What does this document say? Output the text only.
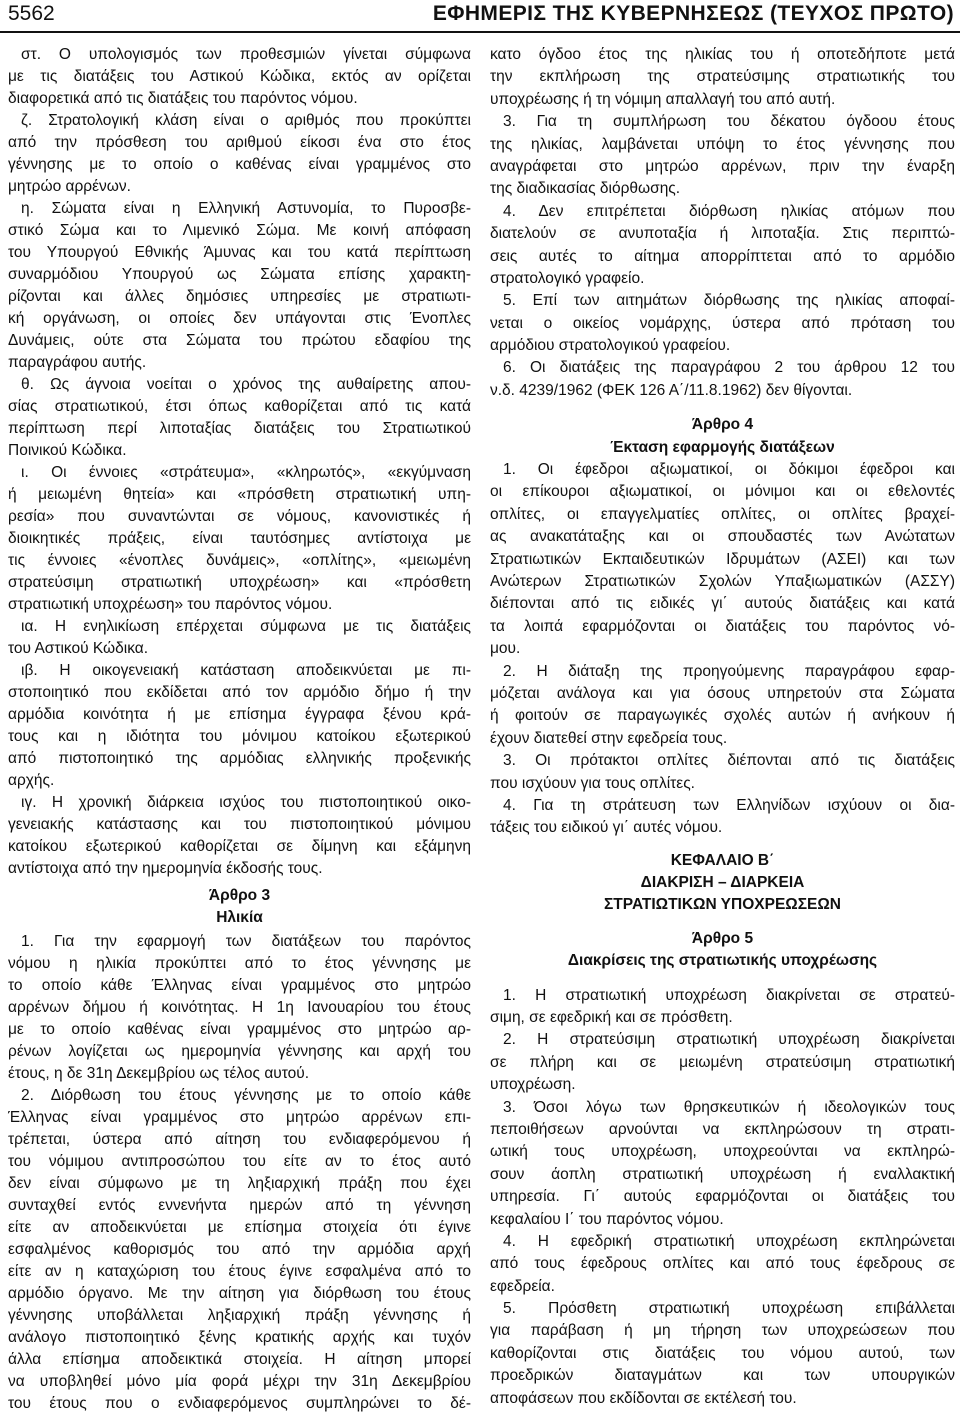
5562	ΕΦΗΜΕΡΙΣ ΤΗΣ ΚΥΒΕΡΝΗΣΕΩΣ (ΤΕΥΧΟΣ ΠΡΩΤΟ)
στ. Ο υπολογισμός των προθεσμιών γίνεται σύμφωνα
με τις διατάξεις του Αστικού Κώδικα, εκτός αν ορίζεται
διαφορετικά από τις διατάξεις του παρόντος νόμου.
ζ. Στρατολογική κλάση είναι ο αριθμός που προκύπτει
από την πρόσθεση του αριθμού είκοσι ένα στο έτος
γέννησης με το οποίο ο καθένας είναι γραμμένος στο
μητρώο αρρένων.
η. Σώματα είναι η Ελληνική Αστυνομία, το Πυροσβε-
στικό Σώμα και το Λιμενικό Σώμα. Με κοινή απόφαση
του Υπουργού Εθνικής Άμυνας και του κατά περίπτωση
συναρμόδιου Υπουργού ως Σώματα επίσης χαρακτη-
ρίζονται και άλλες δημόσιες υπηρεσίες με στρατιωτι-
κή οργάνωση, οι οποίες δεν υπάγονται στις Ένοπλες
Δυνάμεις, ούτε στα Σώματα του πρώτου εδαφίου της
παραγράφου αυτής.
θ. Ως άγνοια νοείται ο χρόνος της αυθαίρετης απου-
σίας στρατιωτικού, έτσι όπως καθορίζεται από τις κατά
περίπτωση περί λιποταξίας διατάξεις του Στρατιωτικού
Ποινικού Κώδικα.
ι. Οι έννοιες «στράτευμα», «κληρωτός», «εκγύμναση
ή μειωμένη θητεία» και «πρόσθετη στρατιωτική υπη-
ρεσία» που συναντώνται σε νόμους, κανονιστικές ή
διοικητικές πράξεις, είναι ταυτόσημες αντίστοιχα με
τις έννοιες «ένοπλες δυνάμεις», «οπλίτης», «μειωμένη
στρατεύσιμη στρατιωτική υποχρέωση» και «πρόσθετη
στρατιωτική υποχρέωση» του παρόντος νόμου.
ια. Η ενηλικίωση επέρχεται σύμφωνα με τις διατάξεις
του Αστικού Κώδικα.
ιβ. Η οικογενειακή κατάσταση αποδεικνύεται με πι-
στοποιητικό που εκδίδεται από τον αρμόδιο δήμο ή την
αρμόδια κοινότητα ή με επίσημα έγγραφα ξένου κρά-
τους και η ιδιότητα του μόνιμου κατοίκου εξωτερικού
από πιστοποιητικό της αρμόδιας ελληνικής προξενικής
αρχής.
ιγ. Η χρονική διάρκεια ισχύος του πιστοποιητικού οικο-
γενειακής κατάστασης και του πιστοποιητικού μόνιμου
κατοίκου εξωτερικού καθορίζεται σε δίμηνη και εξάμηνη
αντίστοιχα από την ημερομηνία έκδοσής τους.
Άρθρο 3
Ηλικία
1. Για την εφαρμογή των διατάξεων του παρόντος
νόμου η ηλικία προκύπτει από το έτος γέννησης με
το οποίο κάθε Έλληνας είναι γραμμένος στο μητρώο
αρρένων δήμου ή κοινότητας. Η 1η Ιανουαρίου του έτους
με το οποίο καθένας είναι γραμμένος στο μητρώο αρ-
ρένων λογίζεται ως ημερομηνία γέννησης και αρχή του
έτους, η δε 31η Δεκεμβρίου ως τέλος αυτού.
2. Διόρθωση του έτους γέννησης με το οποίο κάθε
Έλληνας είναι γραμμένος στο μητρώο αρρένων επι-
τρέπεται, ύστερα από αίτηση του ενδιαφερόμενου ή
του νόμιμου αντιπροσώπου του είτε αν το έτος αυτό
δεν είναι σύμφωνο με τη ληξιαρχική πράξη που έχει
συνταχθεί εντός εννενήντα ημερών από τη γέννηση
είτε αν αποδεικνύεται με επίσημα στοιχεία ότι έγινε
εσφαλμένος καθορισμός του από την αρμόδια αρχή
είτε αν η καταχώριση του έτους έγινε εσφαλμένα από το
αρμόδιο όργανο. Με την αίτηση για διόρθωση του έτους
γέννησης υποβάλλεται ληξιαρχική πράξη γέννησης ή
ανάλογο πιστοποιητικό ξένης κρατικής αρχής και τυχόν
άλλα επίσημα αποδεικτικά στοιχεία. Η αίτηση μπορεί
να υποβληθεί μόνο μία φορά μέχρι την 31η Δεκεμβρίου
του έτους που ο ενδιαφερόμενος συμπληρώνει το δέ-
κατο όγδοο έτος της ηλικίας του ή οποτεδήποτε μετά
την εκπλήρωση της στρατεύσιμης στρατιωτικής του
υποχρέωσης ή τη νόμιμη απαλλαγή του από αυτή.
3. Για τη συμπλήρωση του δέκατου όγδοου έτους
της ηλικίας, λαμβάνεται υπόψη το έτος γέννησης που
αναγράφεται στο μητρώο αρρένων, πριν την έναρξη
της διαδικασίας διόρθωσης.
4. Δεν επιτρέπεται διόρθωση ηλικίας ατόμων που
διατελούν σε ανυποταξία ή λιποταξία. Στις περιπτώ-
σεις αυτές το αίτημα απορρίπτεται από το αρμόδιο
στρατολογικό γραφείο.
5. Επί των αιτημάτων διόρθωσης της ηλικίας αποφαί-
νεται ο οικείος νομάρχης, ύστερα από πρόταση του
αρμόδιου στρατολογικού γραφείου.
6. Οι διατάξεις της παραγράφου 2 του άρθρου 12 του
ν.δ. 4239/1962 (ΦΕΚ 126 Α΄/11.8.1962) δεν θίγονται.
Άρθρο 4
Έκταση εφαρμογής διατάξεων
1. Οι έφεδροι αξιωματικοί, οι δόκιμοι έφεδροι και
οι επίκουροι αξιωματικοί, οι μόνιμοι και οι εθελοντές
οπλίτες, οι επαγγελματίες οπλίτες, οι οπλίτες βραχεί-
ας ανακατάταξης και οι σπουδαστές των Ανώτατων
Στρατιωτικών Εκπαιδευτικών Ιδρυμάτων (ΑΣΕΙ) και των
Ανώτερων Στρατιωτικών Σχολών Υπαξιωματικών (ΑΣΣΥ)
διέπονται από τις ειδικές γι΄ αυτούς διατάξεις και κατά
τα λοιπά εφαρμόζονται οι διατάξεις του παρόντος νό-
μου.
2. Η διάταξη της προηγούμενης παραγράφου εφαρ-
μόζεται ανάλογα και για όσους υπηρετούν στα Σώματα
ή φοιτούν σε παραγωγικές σχολές αυτών ή ανήκουν ή
έχουν διατεθεί στην εφεδρεία τους.
3. Οι πρότακτοι οπλίτες διέπονται από τις διατάξεις
που ισχύουν για τους οπλίτες.
4. Για τη στράτευση των Ελληνίδων ισχύουν οι δια-
τάξεις του ειδικού γι΄ αυτές νόμου.
ΚΕΦΑΛΑΙΟ Β΄
ΔΙΑΚΡΙΣΗ – ΔΙΑΡΚΕΙΑ
ΣΤΡΑΤΙΩΤΙΚΩΝ ΥΠΟΧΡΕΩΣΕΩΝ
Άρθρο 5
Διακρίσεις της στρατιωτικής υποχρέωσης
1. Η στρατιωτική υποχρέωση διακρίνεται σε στρατεύ-
σιμη, σε εφεδρική και σε πρόσθετη.
2. Η στρατεύσιμη στρατιωτική υποχρέωση διακρίνεται
σε πλήρη και σε μειωμένη στρατεύσιμη στρατιωτική
υποχρέωση.
3. Όσοι λόγω των θρησκευτικών ή ιδεολογικών τους
πεποιθήσεων αρνούνται να εκπληρώσουν τη στρατι-
ωτική τους υποχρέωση, υποχρεούνται να εκπληρώ-
σουν άοπλη στρατιωτική υποχρέωση ή εναλλακτική
υπηρεσία. Γι΄ αυτούς εφαρμόζονται οι διατάξεις του
κεφαλαίου Ι΄ του παρόντος νόμου.
4. Η εφεδρική στρατιωτική υποχρέωση εκπληρώνεται
από τους έφεδρους οπλίτες και από τους έφεδρους σε
εφεδρεία.
5. Πρόσθετη στρατιωτική υποχρέωση επιβάλλεται
για παράβαση ή μη τήρηση των υποχρεώσεων που
καθορίζονται στις διατάξεις του νόμου αυτού, των
προεδρικών διαταγμάτων και των υπουργικών
αποφάσεων που εκδίδονται σε εκτέλεσή του.
